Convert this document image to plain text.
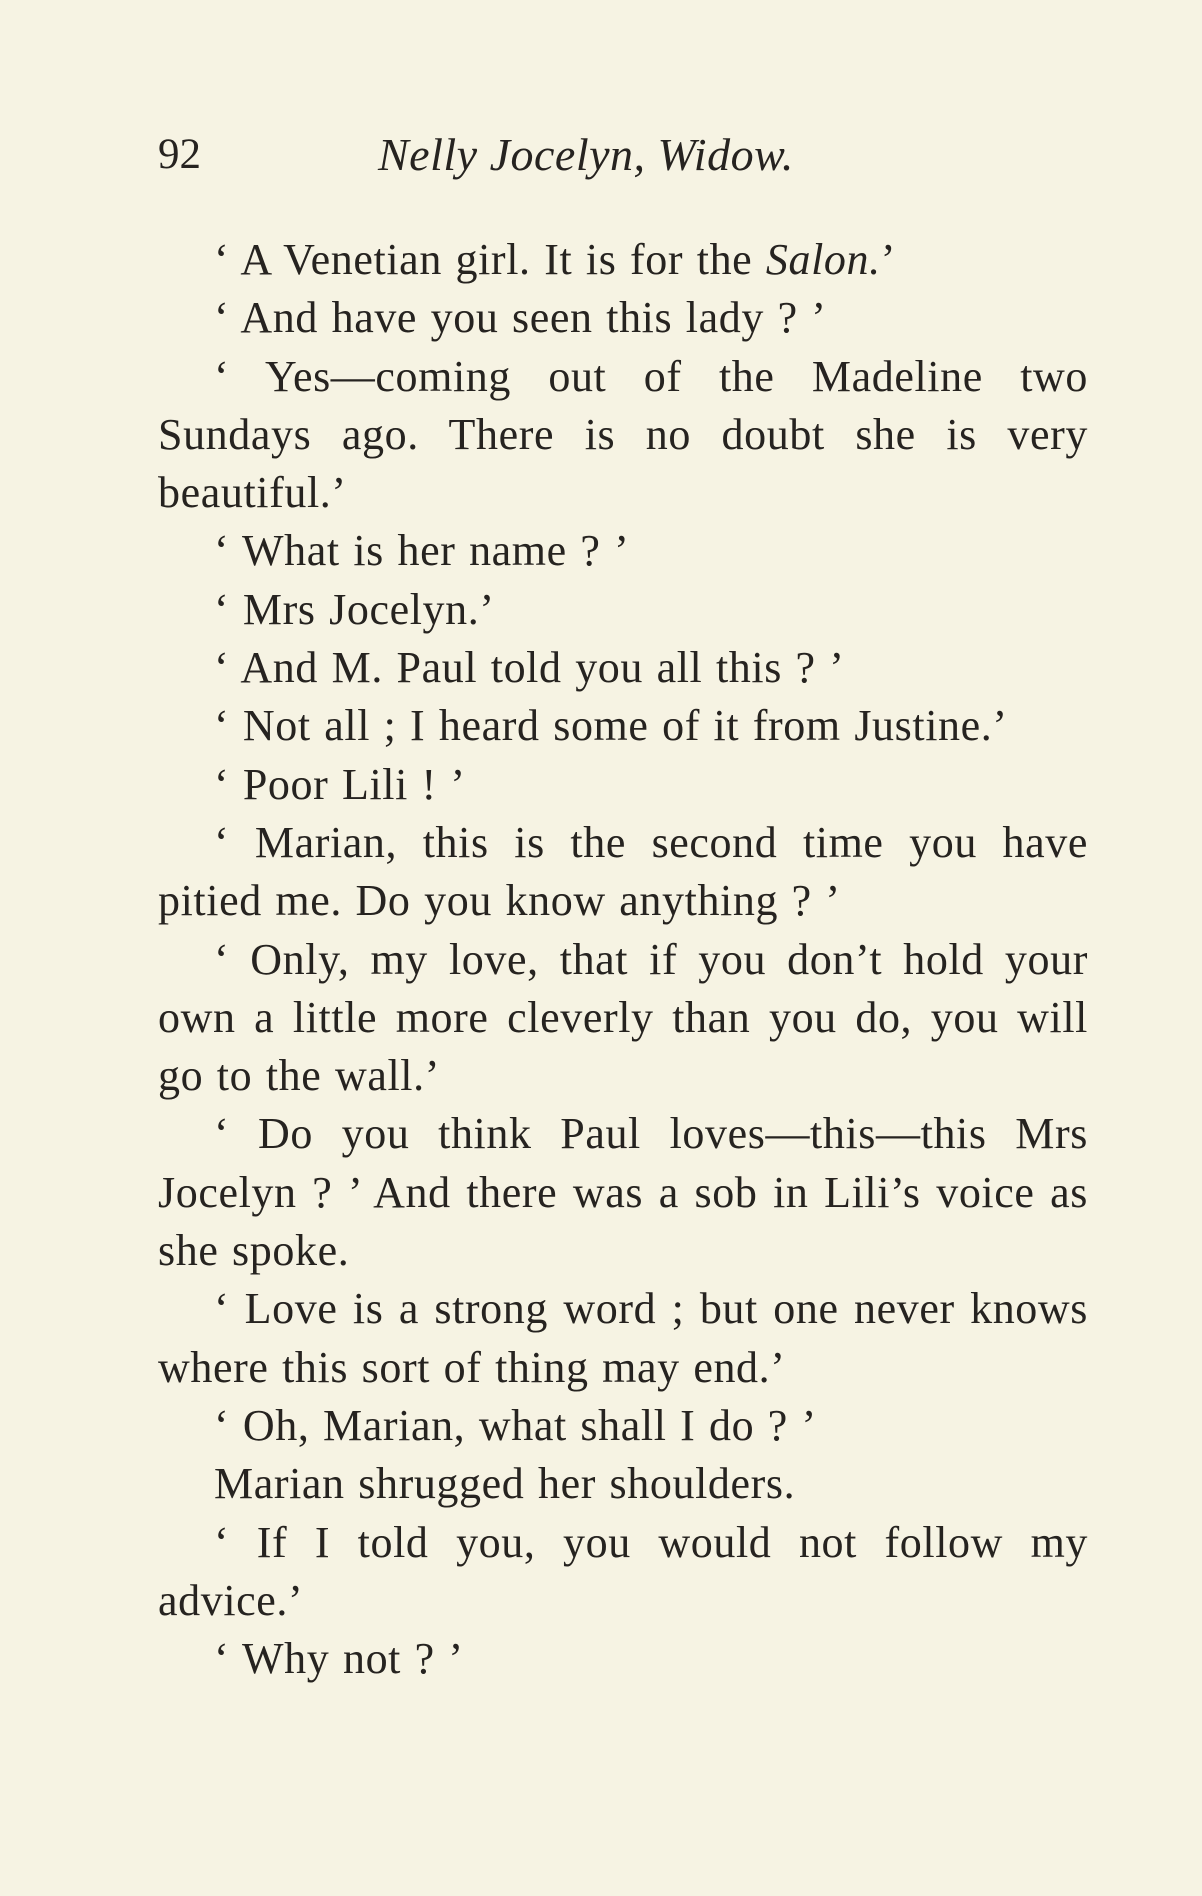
92	Nelly Jocelyn, Widow.

‘ A Venetian girl. It is for the Salon.’

‘ And have you seen this lady ? ’

‘ Yes—coming out of the Madeline two Sundays ago. There is no doubt she is very beautiful.’

‘ What is her name ? ’

‘ Mrs Jocelyn.’

‘ And M. Paul told you all this ? ’

‘ Not all ; I heard some of it from Justine.’

‘ Poor Lili ! ’

‘ Marian, this is the second time you have pitied me. Do you know anything ? ’

‘ Only, my love, that if you don’t hold your own a little more cleverly than you do, you will go to the wall.’

‘ Do you think Paul loves—this—this Mrs Jocelyn ? ’ And there was a sob in Lili’s voice as she spoke.

‘ Love is a strong word ; but one never knows where this sort of thing may end.’

‘ Oh, Marian, what shall I do ? ’

Marian shrugged her shoulders.

‘ If I told you, you would not follow my advice.’

‘ Why not ? ’
